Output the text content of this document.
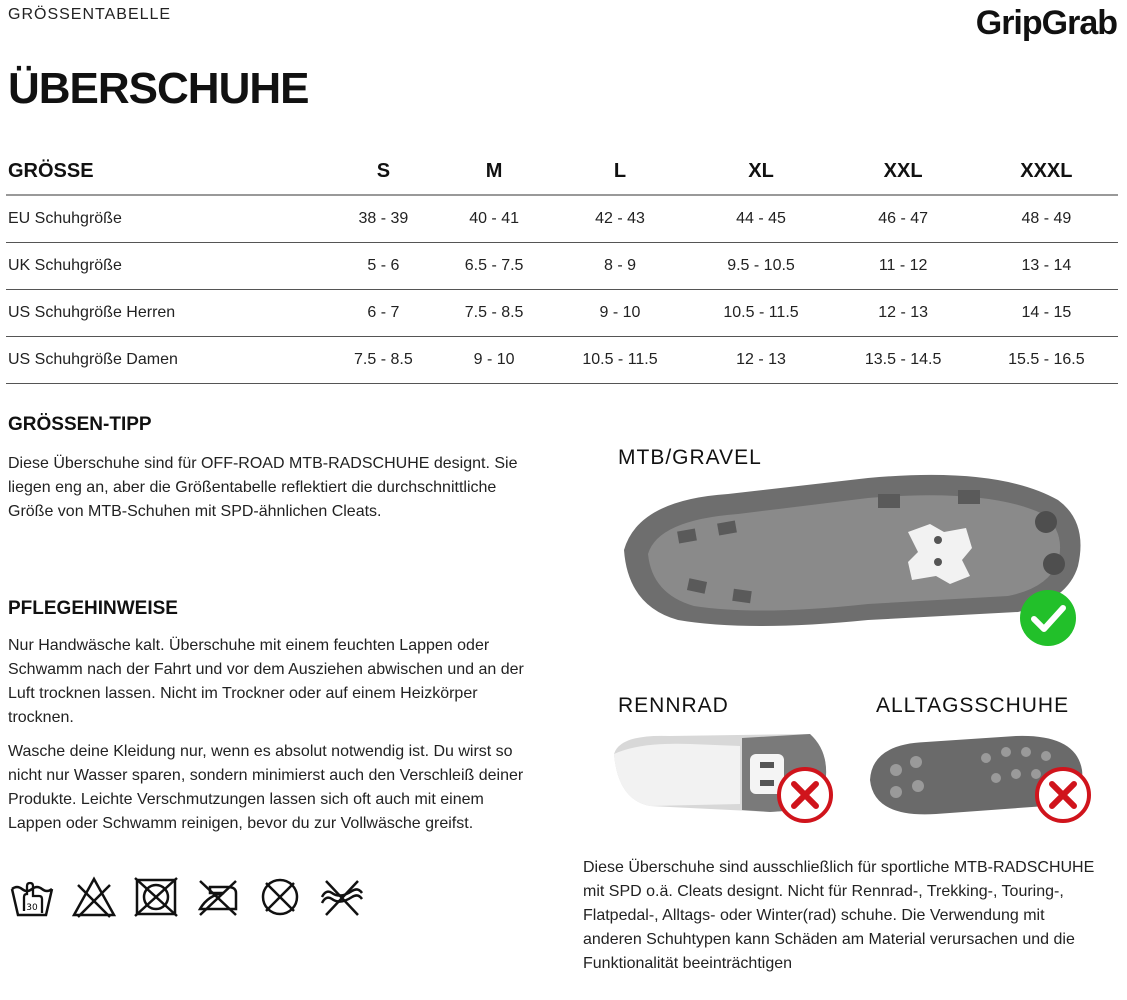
GRÖSSENTABELLE	GripGrab
ÜBERSCHUHE
GRÖSSE	S	M	L	XL	XXL	XXXL
EU Schuhgröße	38 - 39	40 - 41	42 - 43	44 - 45	46 - 47	48 - 49
UK Schuhgröße	5 - 6	6.5 - 7.5	8 - 9	9.5 - 10.5	11 - 12	13 - 14
US Schuhgröße Herren	6 - 7	7.5 - 8.5	9 - 10	10.5 - 11.5	12 - 13	14 - 15
US Schuhgröße Damen	7.5 - 8.5	9 - 10	10.5 - 11.5	12 - 13	13.5 - 14.5	15.5 - 16.5
GRÖSSEN-TIPP
Diese Überschuhe sind für OFF-ROAD MTB-RADSCHUHE designt. Sie liegen eng an, aber die Größentabelle reflektiert die durchschnittliche Größe von MTB-Schuhen mit SPD-ähnlichen Cleats.
PFLEGEHINWEISE
Nur Handwäsche kalt. Überschuhe mit einem feuchten Lappen oder Schwamm nach der Fahrt und vor dem Ausziehen abwischen und an der Luft trocknen lassen. Nicht im Trockner oder auf einem Heizkörper trocknen.
Wasche deine Kleidung nur, wenn es absolut notwendig ist. Du wirst so nicht nur Wasser sparen, sondern minimierst auch den Verschleiß deiner Produkte. Leichte Verschmutzungen lassen sich oft auch mit einem Lappen oder Schwamm reinigen, bevor du zur Vollwäsche greifst.
30
MTB/GRAVEL
RENNRAD	ALLTAGSSCHUHE
Diese Überschuhe sind ausschließlich für sportliche MTB-RADSCHUHE mit SPD o.ä. Cleats designt. Nicht für Rennrad-, Trekking-, Touring-, Flatpedal-, Alltags- oder Winter(rad) schuhe. Die Verwendung mit anderen Schuhtypen kann Schäden am Material verursachen und die Funktionalität beeinträchtigen
